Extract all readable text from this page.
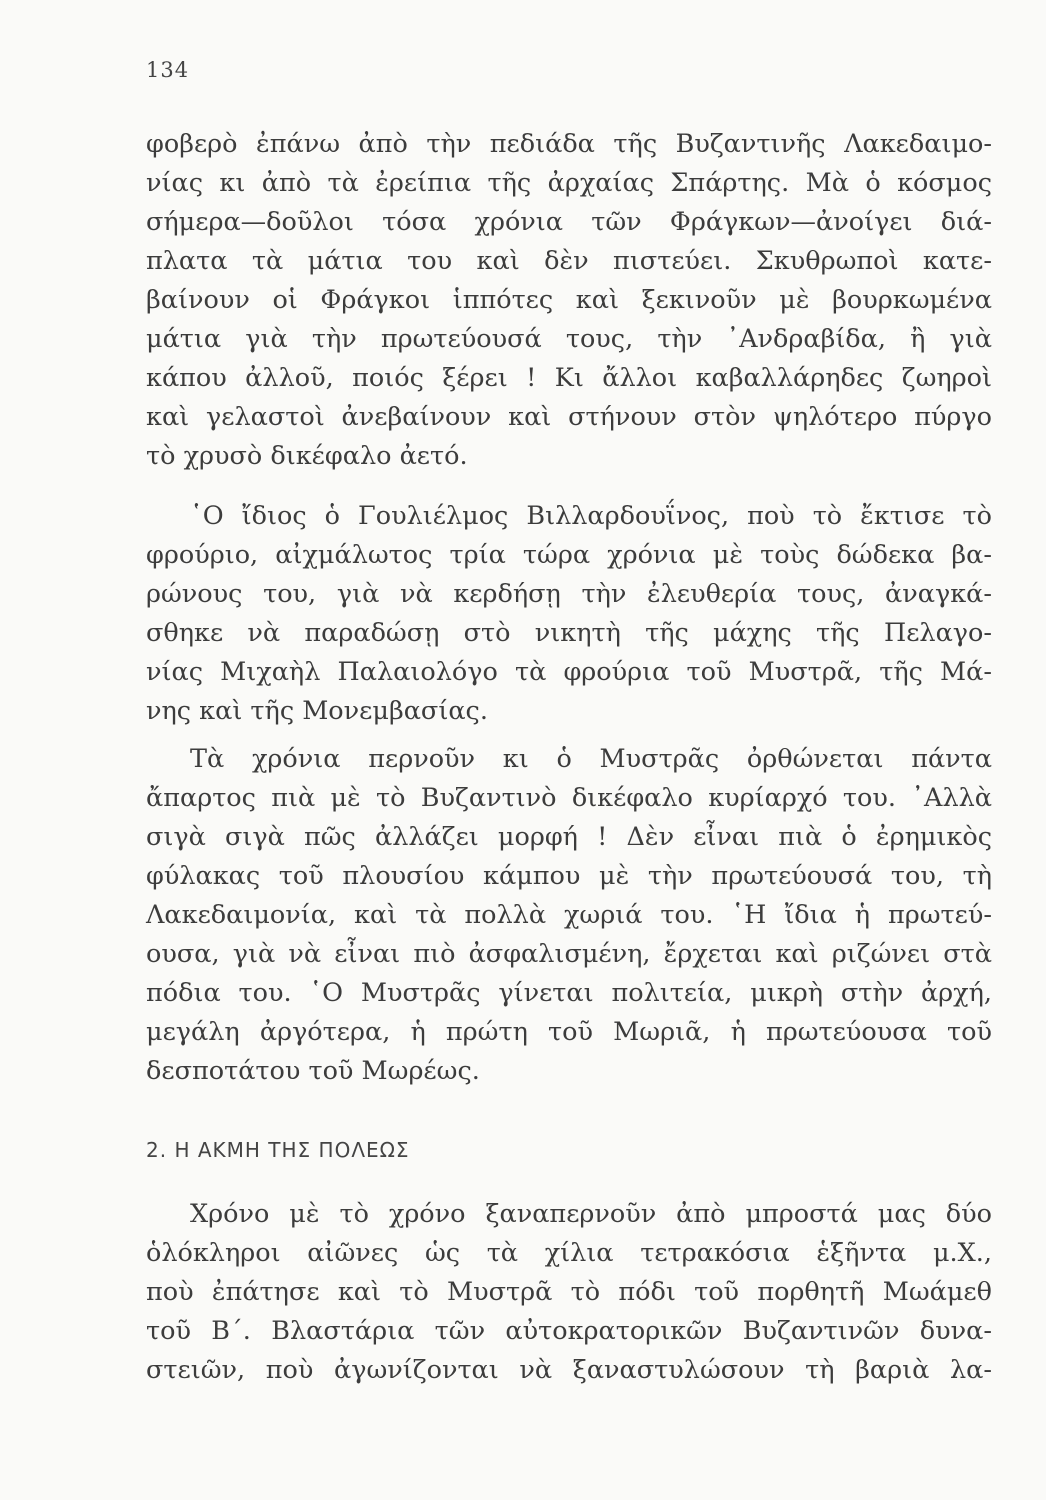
134
φοβερὸ ἐπάνω ἀπὸ τὴν πεδιάδα τῆς Βυζαντινῆς Λακεδαιμο-
νίας κι ἀπὸ τὰ ἐρείπια τῆς ἀρχαίας Σπάρτης. Μὰ ὁ κόσμος
σήμερα—δοῦλοι τόσα χρόνια τῶν Φράγκων—ἀνοίγει διά-
πλατα τὰ μάτια του καὶ δὲν πιστεύει. Σκυθρωποὶ κατε-
βαίνουν οἱ Φράγκοι ἱππότες καὶ ξεκινοῦν μὲ βουρκωμένα
μάτια γιὰ τὴν πρωτεύουσά τους, τὴν ᾿Ανδραβίδα, ἢ γιὰ
κάπου ἀλλοῦ, ποιός ξέρει ! Κι ἄλλοι καβαλλάρηδες ζωηροὶ
καὶ γελαστοὶ ἀνεβαίνουν καὶ στήνουν στὸν ψηλότερο πύργο
τὸ χρυσὸ δικέφαλο ἀετό.
῾Ο ἴδιος ὁ Γουλιέλμος Βιλλαρδουΐνος, ποὺ τὸ ἔκτισε τὸ
φρούριο, αἰχμάλωτος τρία τώρα χρόνια μὲ τοὺς δώδεκα βα-
ρώνους του, γιὰ νὰ κερδήσῃ τὴν ἐλευθερία τους, ἀναγκά-
σθηκε νὰ παραδώσῃ στὸ νικητὴ τῆς μάχης τῆς Πελαγο-
νίας Μιχαὴλ Παλαιολόγο τὰ φρούρια τοῦ Μυστρᾶ, τῆς Μά-
νης καὶ τῆς Μονεμβασίας.
Τὰ χρόνια περνοῦν κι ὁ Μυστρᾶς ὀρθώνεται πάντα
ἄπαρτος πιὰ μὲ τὸ Βυζαντινὸ δικέφαλο κυρίαρχό του. ᾿Αλλὰ
σιγὰ σιγὰ πῶς ἀλλάζει μορφή ! Δὲν εἶναι πιὰ ὁ ἐρημικὸς
φύλακας τοῦ πλουσίου κάμπου μὲ τὴν πρωτεύουσά του, τὴ
Λακεδαιμονία, καὶ τὰ πολλὰ χωριά του. ῾Η ἴδια ἡ πρωτεύ-
ουσα, γιὰ νὰ εἶναι πιὸ ἀσφαλισμένη, ἔρχεται καὶ ριζώνει στὰ
πόδια του. ῾Ο Μυστρᾶς γίνεται πολιτεία, μικρὴ στὴν ἀρχή,
μεγάλη ἀργότερα, ἡ πρώτη τοῦ Μωριᾶ, ἡ πρωτεύουσα τοῦ
δεσποτάτου τοῦ Μωρέως.
2. Η ΑΚΜΗ ΤΗΣ ΠΟΛΕΩΣ
Χρόνο μὲ τὸ χρόνο ξαναπερνοῦν ἀπὸ μπροστά μας δύο
ὁλόκληροι αἰῶνες ὡς τὰ χίλια τετρακόσια ἑξῆντα μ.Χ.,
ποὺ ἐπάτησε καὶ τὸ Μυστρᾶ τὸ πόδι τοῦ πορθητῆ Μωάμεθ
τοῦ Β΄. Βλαστάρια τῶν αὐτοκρατορικῶν Βυζαντινῶν δυνα-
στειῶν, ποὺ ἀγωνίζονται νὰ ξαναστυλώσουν τὴ βαριὰ λα-
